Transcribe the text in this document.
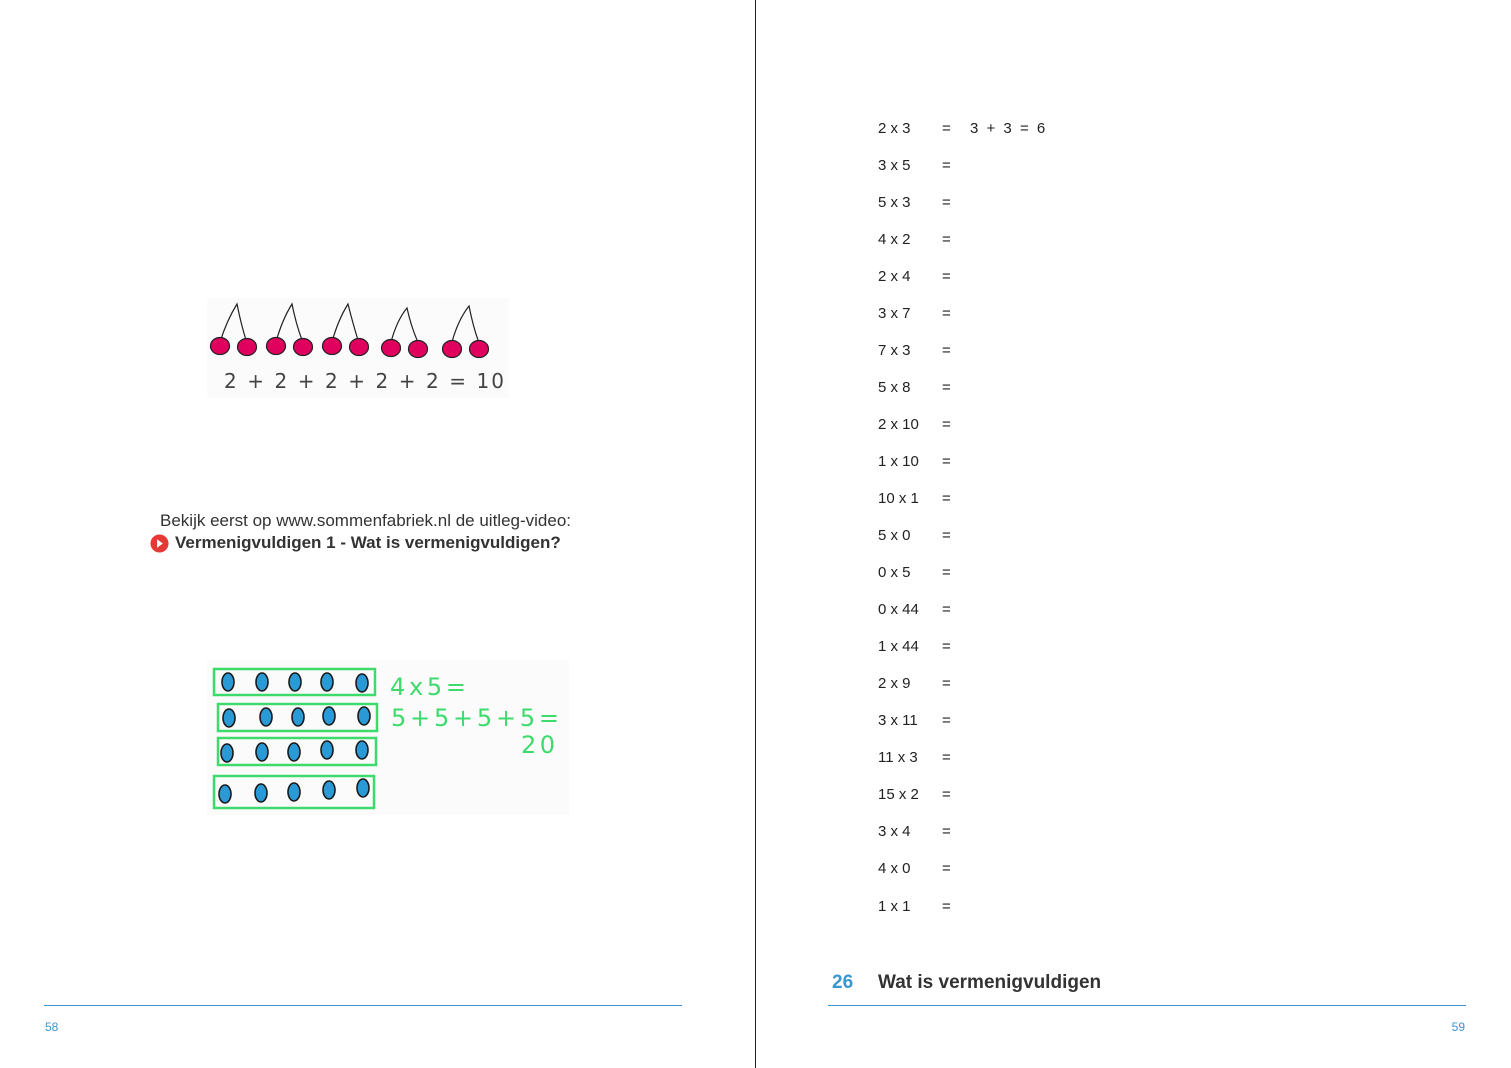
2 + 2 + 2 + 2 + 2 = 10
Bekijk eerst op www.sommenfabriek.nl de uitleg-video:
Vermenigvuldigen 1 - Wat is vermenigvuldigen?
4 x 5 =
5 + 5 + 5 + 5 =
20
58
2 x 3	=	3 + 3 = 6
3 x 5	=
5 x 3	=
4 x 2	=
2 x 4	=
3 x 7	=
7 x 3	=
5 x 8	=
2 x 10	=
1 x 10	=
10 x 1	=
5 x 0	=
0 x 5	=
0 x 44	=
1 x 44	=
2 x 9	=
3 x 11	=
11 x 3	=
15 x 2	=
3 x 4	=
4 x 0	=
1 x 1	=
26	Wat is vermenigvuldigen
59
